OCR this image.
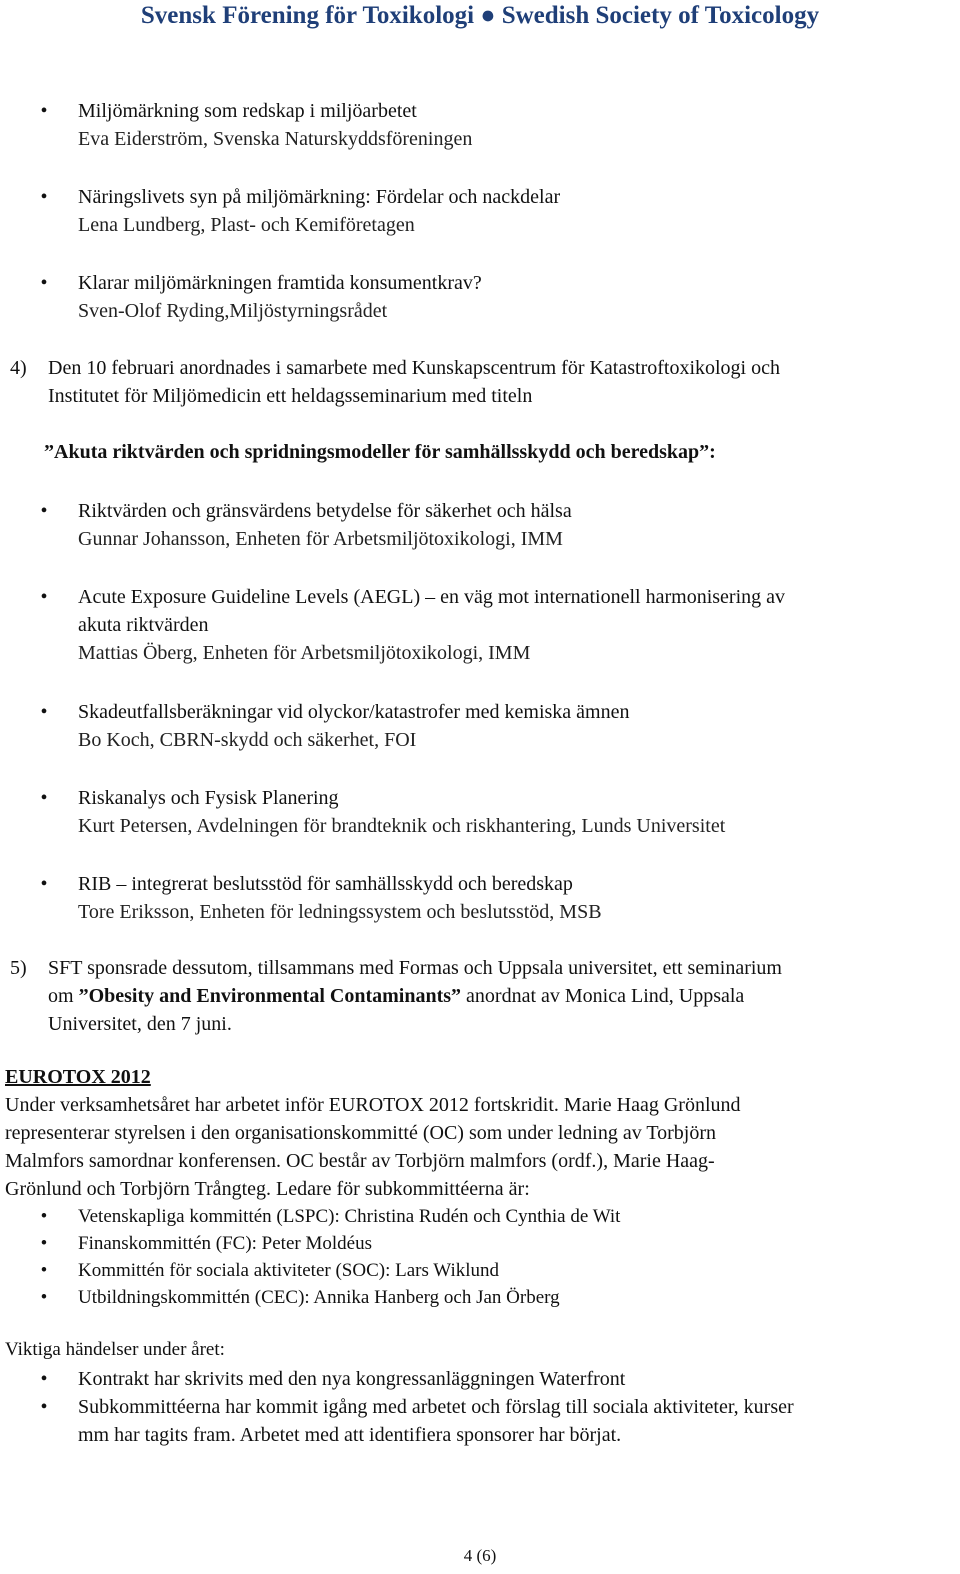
Svensk Förening för Toxikologi ● Swedish Society of Toxicology
• Miljömärkning som redskap i miljöarbetet
Eva Eiderström, Svenska Naturskyddsföreningen
• Näringslivets syn på miljömärkning: Fördelar och nackdelar
Lena Lundberg, Plast- och Kemiföretagen
• Klarar miljömärkningen framtida konsumentkrav?
Sven-Olof Ryding,Miljöstyrningsrådet
4) Den 10 februari anordnades i samarbete med Kunskapscentrum för Katastroftoxikologi och
Institutet för Miljömedicin ett heldagsseminarium med titeln
”Akuta riktvärden och spridningsmodeller för samhällsskydd och beredskap”:
• Riktvärden och gränsvärdens betydelse för säkerhet och hälsa
Gunnar Johansson, Enheten för Arbetsmiljötoxikologi, IMM
• Acute Exposure Guideline Levels (AEGL) – en väg mot internationell harmonisering av
akuta riktvärden
Mattias Öberg, Enheten för Arbetsmiljötoxikologi, IMM
• Skadeutfallsberäkningar vid olyckor/katastrofer med kemiska ämnen
Bo Koch, CBRN-skydd och säkerhet, FOI
• Riskanalys och Fysisk Planering
Kurt Petersen, Avdelningen för brandteknik och riskhantering, Lunds Universitet
• RIB – integrerat beslutsstöd för samhällsskydd och beredskap
Tore Eriksson, Enheten för ledningssystem och beslutsstöd, MSB
5) SFT sponsrade dessutom, tillsammans med Formas och Uppsala universitet, ett seminarium
om ”Obesity and Environmental Contaminants” anordnat av Monica Lind, Uppsala
Universitet, den 7 juni.
EUROTOX 2012
Under verksamhetsåret har arbetet inför EUROTOX 2012 fortskridit. Marie Haag Grönlund
representerar styrelsen i den organisationskommitté (OC) som under ledning av Torbjörn
Malmfors samordnar konferensen. OC består av Torbjörn malmfors (ordf.), Marie Haag-
Grönlund och Torbjörn Trångteg. Ledare för subkommittéerna är:
• Vetenskapliga kommittén (LSPC): Christina Rudén och Cynthia de Wit
• Finanskommittén (FC): Peter Moldéus
• Kommittén för sociala aktiviteter (SOC): Lars Wiklund
• Utbildningskommittén (CEC): Annika Hanberg och Jan Örberg
Viktiga händelser under året:
• Kontrakt har skrivits med den nya kongressanläggningen Waterfront
• Subkommittéerna har kommit igång med arbetet och förslag till sociala aktiviteter, kurser
mm har tagits fram. Arbetet med att identifiera sponsorer har börjat.
4 (6)
